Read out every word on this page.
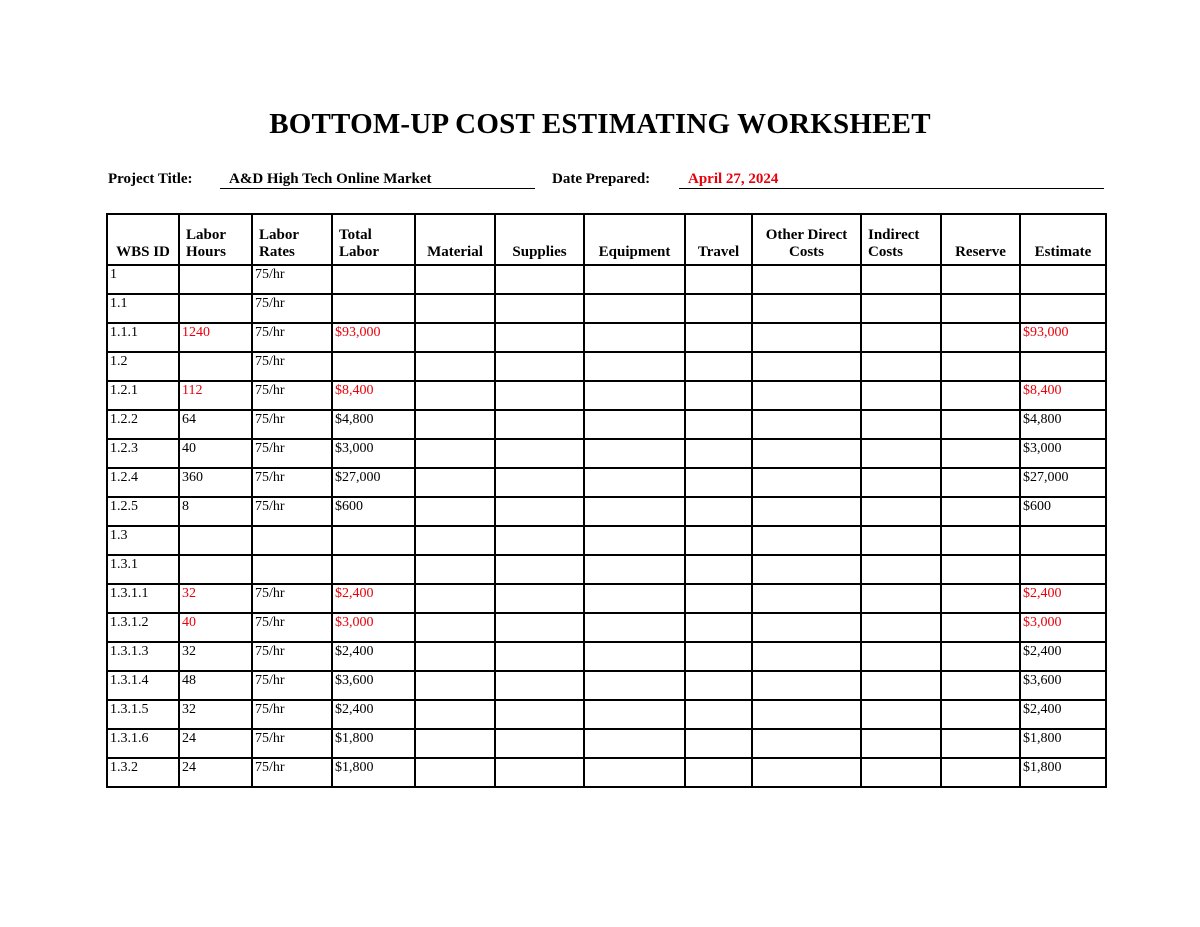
BOTTOM-UP COST ESTIMATING WORKSHEET
Project Title:	A&D High Tech Online Market	Date Prepared:	April 27, 2024
WBS ID	Labor Hours	Labor Rates	Total Labor	Material	Supplies	Equipment	Travel	Other Direct Costs	Indirect Costs	Reserve	Estimate
1		75/hr									
1.1		75/hr									
1.1.1	1240	75/hr	$93,000								$93,000
1.2		75/hr									
1.2.1	112	75/hr	$8,400								$8,400
1.2.2	64	75/hr	$4,800								$4,800
1.2.3	40	75/hr	$3,000								$3,000
1.2.4	360	75/hr	$27,000								$27,000
1.2.5	8	75/hr	$600								$600
1.3											
1.3.1											
1.3.1.1	32	75/hr	$2,400								$2,400
1.3.1.2	40	75/hr	$3,000								$3,000
1.3.1.3	32	75/hr	$2,400								$2,400
1.3.1.4	48	75/hr	$3,600								$3,600
1.3.1.5	32	75/hr	$2,400								$2,400
1.3.1.6	24	75/hr	$1,800								$1,800
1.3.2	24	75/hr	$1,800								$1,800
